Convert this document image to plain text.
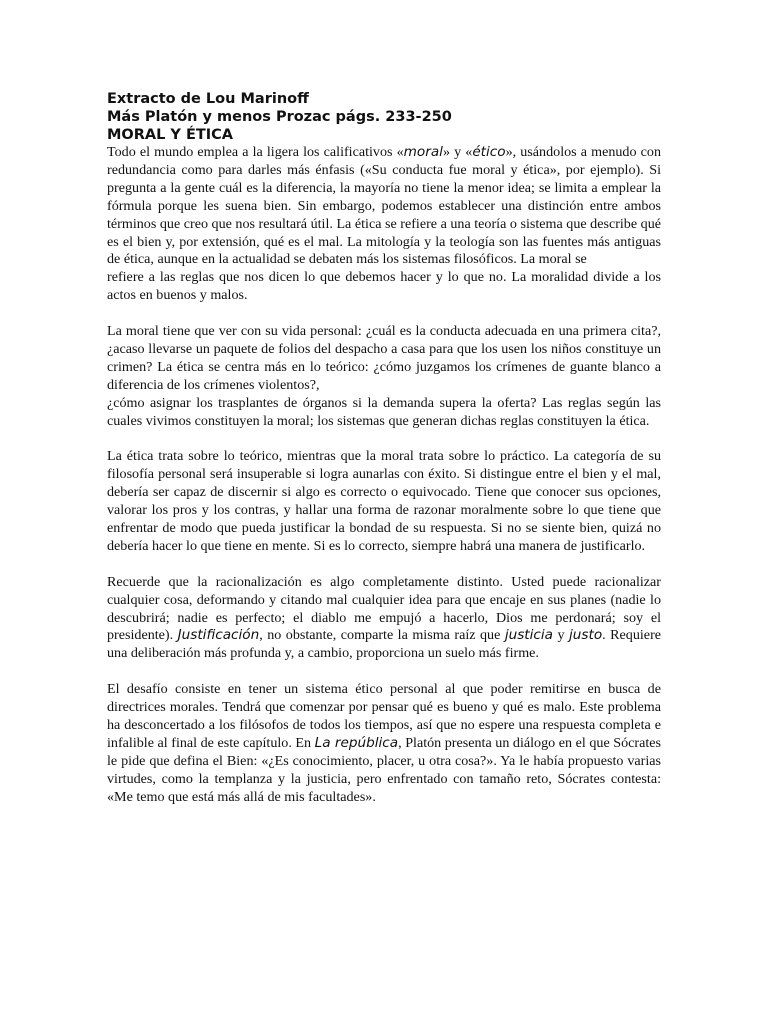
Extracto de Lou Marinoff

Más Platón y menos Prozac págs. 233-250

MORAL Y ÉTICA

Todo el mundo emplea a la ligera los calificativos «moral» y «ético», usándolos a menudo con redundancia como para darles más énfasis («Su conducta fue moral y ética», por ejemplo). Si pregunta a la gente cuál es la diferencia, la mayoría no tiene la menor idea; se limita a emplear la fórmula porque les suena bien. Sin embargo, podemos establecer una distinción entre ambos términos que creo que nos resultará útil. La ética se refiere a una teoría o sistema que describe qué es el bien y, por extensión, qué es el mal. La mitología y la teología son las fuentes más antiguas de ética, aunque en la actualidad se debaten más los sistemas filosóficos. La moral se

refiere a las reglas que nos dicen lo que debemos hacer y lo que no. La moralidad divide a los actos en buenos y malos.

La moral tiene que ver con su vida personal: ¿cuál es la conducta adecuada en una primera cita?, ¿acaso llevarse un paquete de folios del despacho a casa para que los usen los niños constituye un crimen? La ética se centra más en lo teórico: ¿cómo juzgamos los crímenes de guante blanco a diferencia de los crímenes violentos?,

¿cómo asignar los trasplantes de órganos si la demanda supera la oferta? Las reglas según las cuales vivimos constituyen la moral; los sistemas que generan dichas reglas constituyen la ética.

La ética trata sobre lo teórico, mientras que la moral trata sobre lo práctico. La categoría de su filosofía personal será insuperable si logra aunarlas con éxito. Si distingue entre el bien y el mal, debería ser capaz de discernir si algo es correcto o equivocado. Tiene que conocer sus opciones, valorar los pros y los contras, y hallar una forma de razonar moralmente sobre lo que tiene que enfrentar de modo que pueda justificar la bondad de su respuesta. Si no se siente bien, quizá no debería hacer lo que tiene en mente. Si es lo correcto, siempre habrá una manera de justificarlo.

Recuerde que la racionalización es algo completamente distinto. Usted puede racionalizar cualquier cosa, deformando y citando mal cualquier idea para que encaje en sus planes (nadie lo descubrirá; nadie es perfecto; el diablo me empujó a hacerlo, Dios me perdonará; soy el presidente). Justificación, no obstante, comparte la misma raíz que justicia y justo. Requiere una deliberación más profunda y, a cambio, proporciona un suelo más firme.

El desafío consiste en tener un sistema ético personal al que poder remitirse en busca de directrices morales. Tendrá que comenzar por pensar qué es bueno y qué es malo. Este problema ha desconcertado a los filósofos de todos los tiempos, así que no espere una respuesta completa e infalible al final de este capítulo. En La república, Platón presenta un diálogo en el que Sócrates le pide que defina el Bien: «¿Es conocimiento, placer, u otra cosa?». Ya le había propuesto varias virtudes, como la templanza y la justicia, pero enfrentado con tamaño reto, Sócrates contesta: «Me temo que está más allá de mis facultades».
